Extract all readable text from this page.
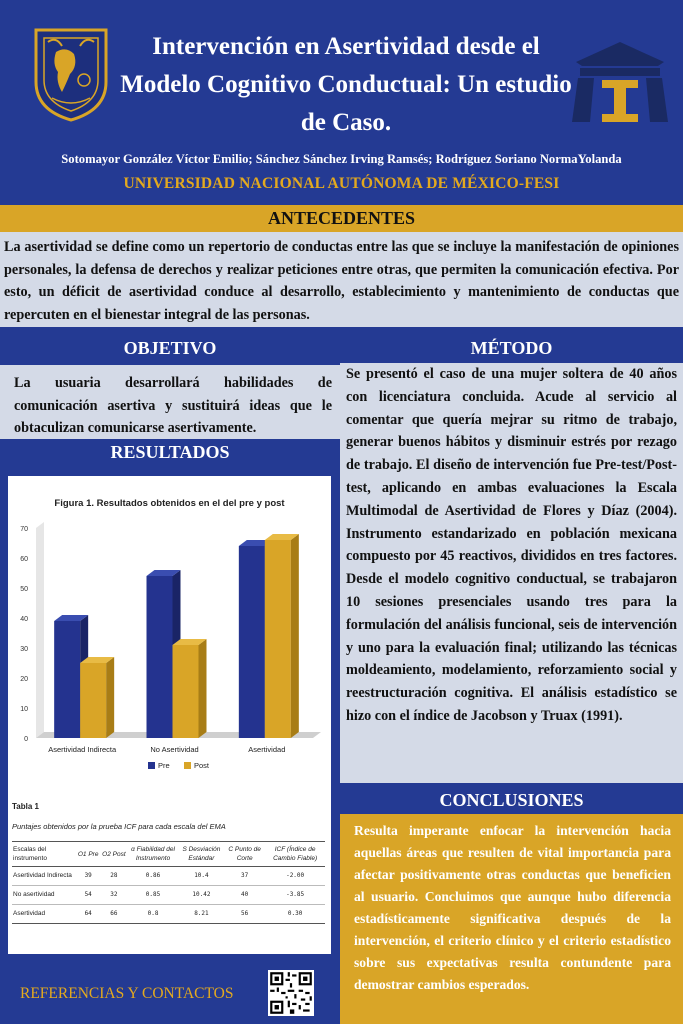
Intervención en Asertividad desde el Modelo Cognitivo Conductual: Un estudio de Caso.
Sotomayor González Víctor Emilio; Sánchez Sánchez Irving Ramsés; Rodríguez Soriano NormaYolanda
UNIVERSIDAD NACIONAL AUTÓNOMA DE MÉXICO-FESI
ANTECEDENTES
La asertividad se define como un repertorio de conductas entre las que se incluye la manifestación de opiniones personales, la defensa de derechos y realizar peticiones entre otras, que permiten la comunicación efectiva. Por esto, un déficit de asertividad conduce al desarrollo, establecimiento y mantenimiento de conductas que repercuten en el bienestar integral de las personas.
OBJETIVO
La usuaria desarrollará habilidades de comunicación asertiva y sustituirá ideas que le obtaculizan comunicarse asertivamente.
MÉTODO
Se presentó el caso de una mujer soltera de 40 años con licenciatura concluida. Acude al servicio al comentar que quería mejrar su ritmo de trabajo, generar buenos hábitos y disminuir estrés por rezago de trabajo. El diseño de intervención fue Pre-test/Post-test, aplicando en ambas evaluaciones la Escala Multimodal de Asertividad de Flores y Díaz (2004). Instrumento estandarizado en población mexicana compuesto por 45 reactivos, divididos en tres factores. Desde el modelo cognitivo conductual, se trabajaron 10 sesiones presenciales usando tres para la formulación del análisis funcional, seis de intervención y uno para la evaluación final; utilizando las técnicas moldeamiento, modelamiento, reforzamiento social y reestructuración cognitiva. El análisis estadístico se hizo con el índice de Jacobson y Truax (1991).
RESULTADOS
Figura 1. Resultados obtenidos en el del pre y post
0
10
20
30
40
50
60
70
Asertividad Indirecta	No Asertividad	Asertividad
Pre	Post
Tabla 1
Puntajes obtenidos por la prueba ICF para cada escala del EMA
Escalas del instrumento	O1 Pre	O2 Post	α Fiabilidad del Instrumento	S Desviación Estándar	C Punto de Corte	ICF (Índice de Cambio Fiable)
Asertividad Indirecta	39	28	0.86	10.4	37	-2.00
No asertividad	54	32	0.85	10.42	40	-3.85
Asertividad	64	66	0.8	8.21	56	0.30
CONCLUSIONES
Resulta imperante enfocar la intervención hacia aquellas áreas que resulten de vital importancia para afectar positivamente otras conductas que beneficien al usuario. Concluimos que aunque hubo diferencia estadísticamente significativa después de la intervención, el criterio clínico y el criterio estadístico sobre sus expectativas resulta contundente para demostrar cambios esperados.
REFERENCIAS Y CONTACTOS
